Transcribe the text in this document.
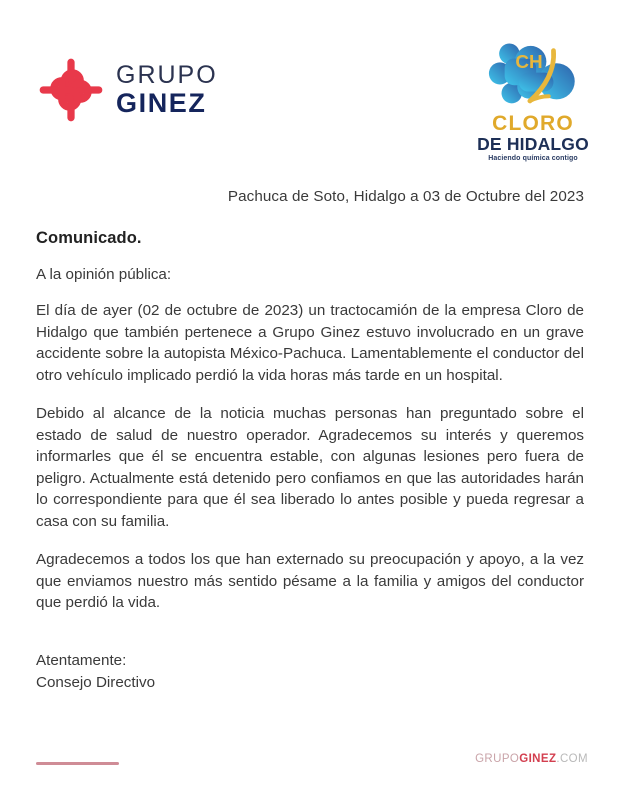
GRUPO
GINEZ
CH
CLORO
DE HIDALGO
Haciendo química contigo
Pachuca de Soto, Hidalgo a 03 de Octubre del 2023
Comunicado.
A la opinión pública:

El día de ayer (02 de octubre de 2023) un tractocamión de la empresa Cloro de Hidalgo que también pertenece a Grupo Ginez estuvo involucrado en un grave accidente sobre la autopista México-Pachuca. Lamentablemente el conductor del otro vehículo implicado perdió la vida horas más tarde en un hospital.

Debido al alcance de la noticia muchas personas han preguntado sobre el estado de salud de nuestro operador. Agradecemos su interés y queremos informarles que él se encuentra estable, con algunas lesiones pero fuera de peligro. Actualmente está detenido pero confiamos en que las autoridades harán lo correspondiente para que él sea liberado lo antes posible y pueda regresar a casa con su familia.

Agradecemos a todos los que han externado su preocupación y apoyo, a la vez que enviamos nuestro más sentido pésame a la familia y amigos del conductor que perdió la vida.

Atentamente:
Consejo Directivo
GRUPOGINEZ.COM
